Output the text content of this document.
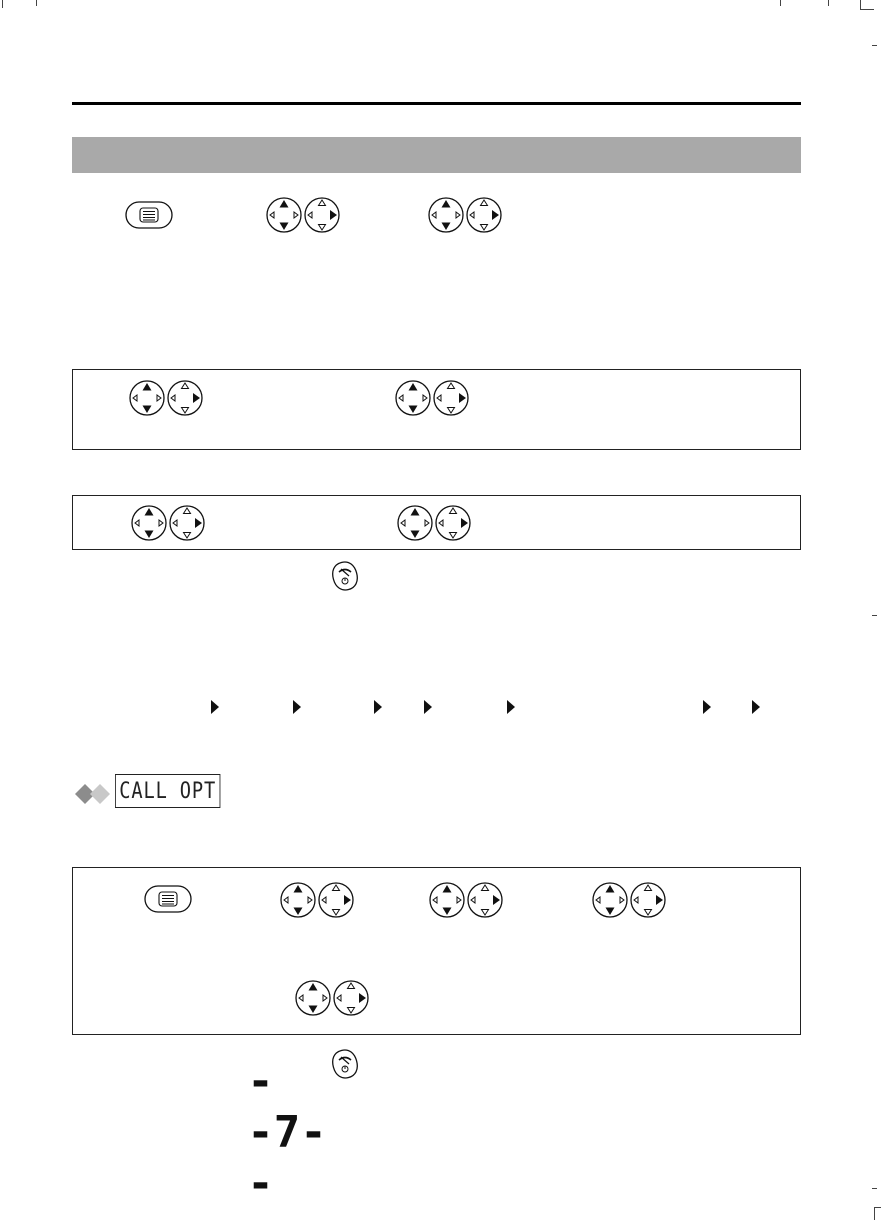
CALL OPT
--7--
